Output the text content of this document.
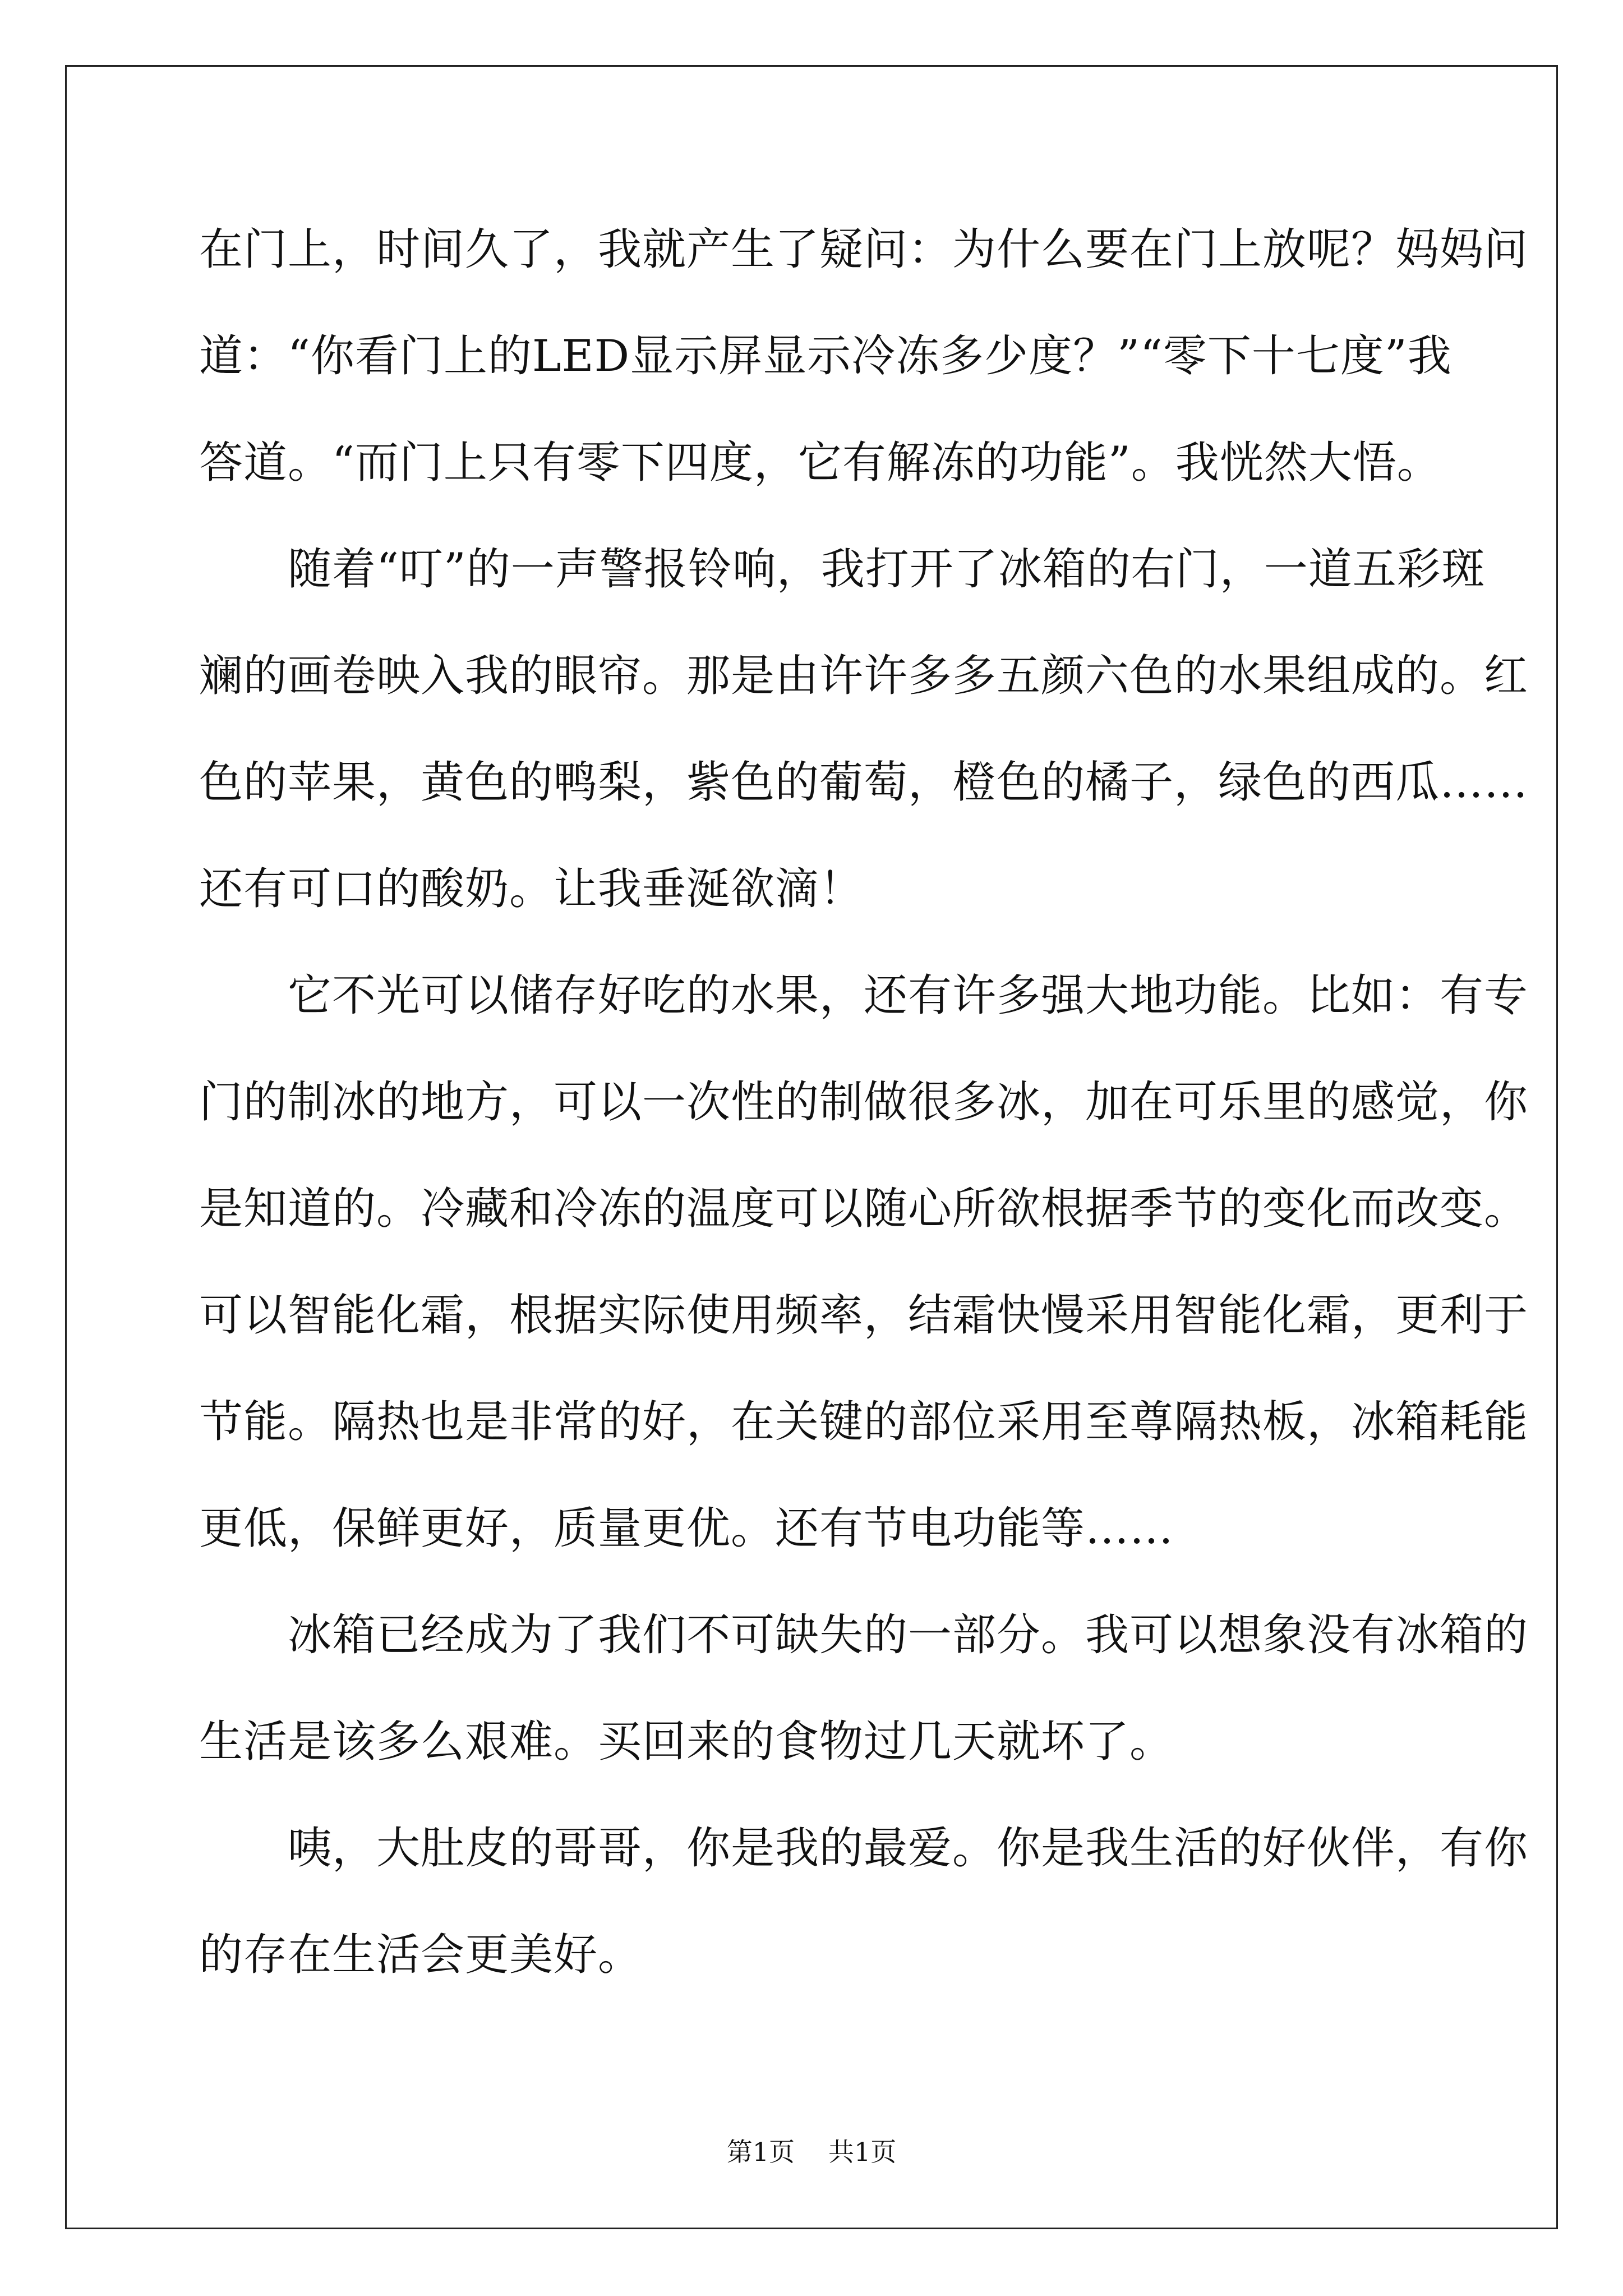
在门上，时间久了，我就产生了疑问：为什么要在门上放呢？妈妈问

道：“你看门上的LED显示屏显示冷冻多少度？”“零下十七度”我

答道。“而门上只有零下四度，它有解冻的功能”。我恍然大悟。

　　随着“叮”的一声警报铃响，我打开了冰箱的右门，一道五彩斑

斓的画卷映入我的眼帘。那是由许许多多五颜六色的水果组成的。红

色的苹果，黄色的鸭梨，紫色的葡萄，橙色的橘子，绿色的西瓜……

还有可口的酸奶。让我垂涎欲滴！

　　它不光可以储存好吃的水果，还有许多强大地功能。比如：有专

门的制冰的地方，可以一次性的制做很多冰，加在可乐里的感觉，你

是知道的。冷藏和冷冻的温度可以随心所欲根据季节的变化而改变。

可以智能化霜，根据实际使用频率，结霜快慢采用智能化霜，更利于

节能。隔热也是非常的好，在关键的部位采用至尊隔热板，冰箱耗能

更低，保鲜更好，质量更优。还有节电功能等……

　　冰箱已经成为了我们不可缺失的一部分。我可以想象没有冰箱的

生活是该多么艰难。买回来的食物过几天就坏了。

　　咦，大肚皮的哥哥，你是我的最爱。你是我生活的好伙伴，有你

的存在生活会更美好。

第1页 共1页
